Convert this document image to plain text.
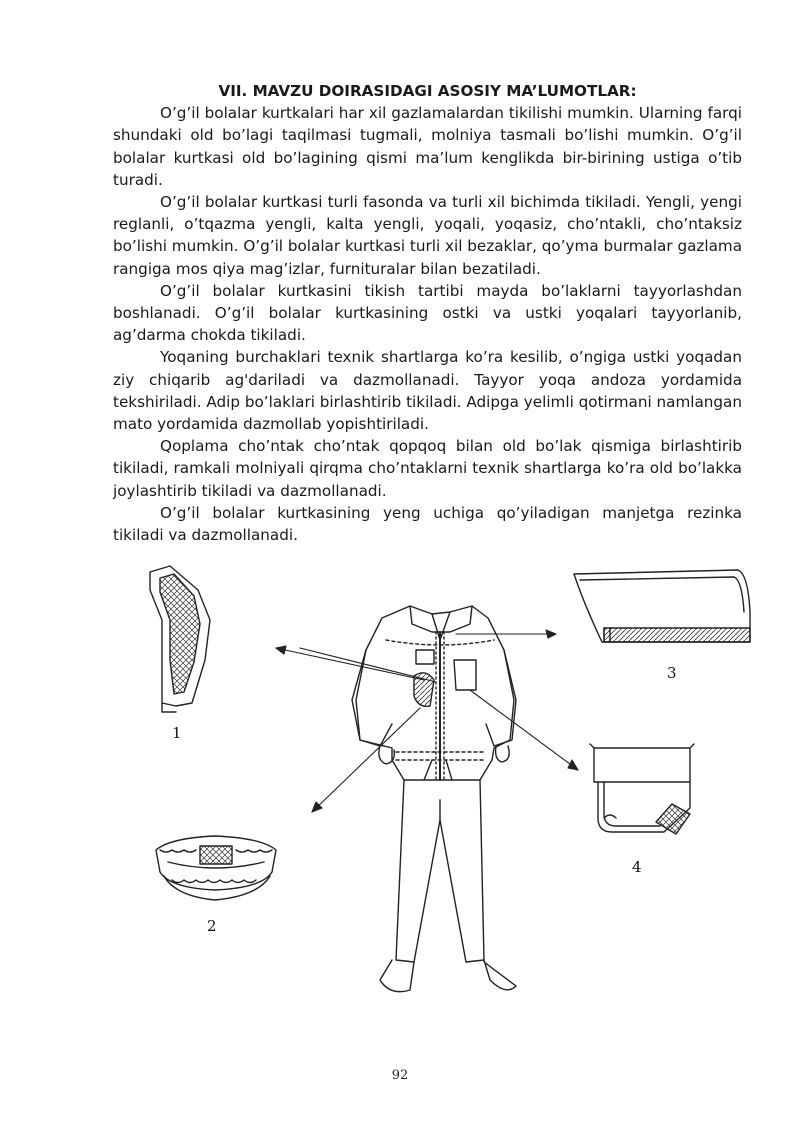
VII. MAVZU DOIRASIDAGI ASOSIY MA’LUMOTLAR:

O’g’il bolalar kurtkalari har xil gazlamalardan tikilishi mumkin. Ularning farqi shundaki old bo’lagi taqilmasi tugmali, molniya tasmali bo’lishi mumkin. O’g’il bolalar kurtkasi old bo’lagining qismi ma’lum kenglikda bir-birining ustiga o’tib turadi.

O’g’il bolalar kurtkasi turli fasonda va turli xil bichimda tikiladi. Yengli, yengi reglanli, o’tqazma yengli, kalta yengli, yoqali, yoqasiz, cho’ntakli, cho’ntaksiz bo’lishi mumkin. O’g’il bolalar kurtkasi turli xil bezaklar, qo’yma burmalar gazlama rangiga mos qiya mag’izlar, furnituralar bilan bezatiladi.

O’g’il bolalar kurtkasini tikish tartibi mayda bo’laklarni tayyorlashdan boshlanadi. O’g’il bolalar kurtkasining ostki va ustki yoqalari tayyorlanib, ag’darma chokda tikiladi.

Yoqaning burchaklari texnik shartlarga ko’ra kesilib, o’ngiga ustki yoqadan ziy chiqarib ag'dariladi va dazmollanadi. Tayyor yoqa andoza yordamida tekshiriladi. Adip bo’laklari birlashtirib tikiladi. Adipga yelimli qotirmani namlangan mato yordamida dazmollab yopishtiriladi.

Qoplama cho’ntak cho’ntak qopqoq bilan old bo’lak qismiga birlashtirib tikiladi, ramkali molniyali qirqma cho’ntaklarni texnik shartlarga ko’ra old bo’lakka joylashtirib tikiladi va dazmollanadi.

O’g’il bolalar kurtkasining yeng uchiga qo’yiladigan manjetga rezinka tikiladi va dazmollanadi.

1
2
3
4
92
